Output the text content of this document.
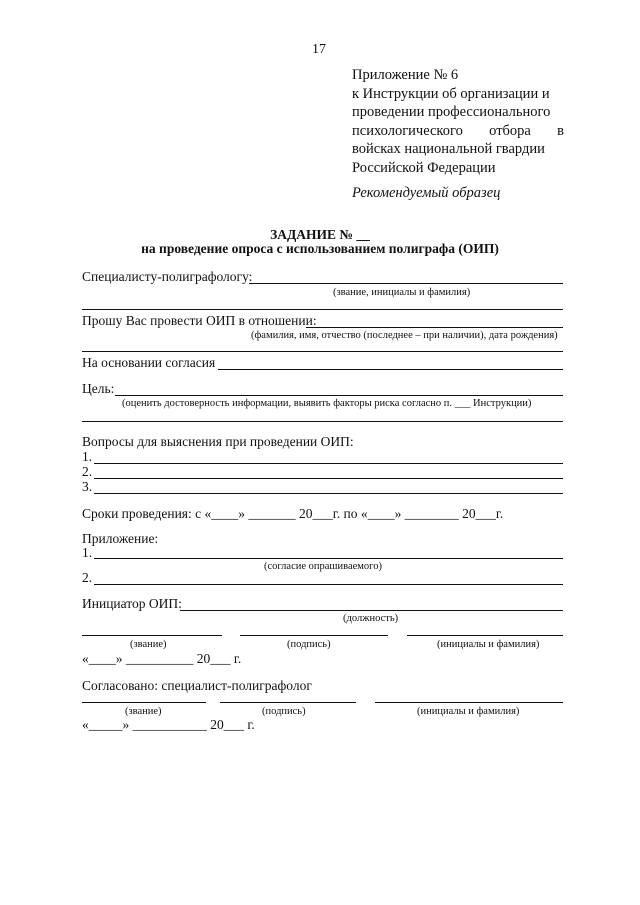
17
Приложение № 6
к Инструкции об организации и
проведении профессионального
психологического отбора в
войсках национальной гвардии
Российской Федерации
Рекомендуемый образец
ЗАДАНИЕ № __
на проведение опроса с использованием полиграфа (ОИП)
Специалисту-полиграфологу:
(звание, инициалы и фамилия)
Прошу Вас провести ОИП в отношении:
(фамилия, имя, отчество (последнее – при наличии), дата рождения)
На основании согласия
Цель:
(оценить достоверность информации, выявить факторы риска согласно п. ___ Инструкции)
Вопросы для выяснения при проведении ОИП:
1.
2.
3.
Сроки проведения: с «____» _______ 20___г. по «____» ________ 20___г.
Приложение:
1.
(согласие опрашиваемого)
2.
Инициатор ОИП:
(должность)
(звание)	(подпись)	(инициалы и фамилия)
«____» __________ 20___ г.
Согласовано: специалист-полиграфолог
(звание)	(подпись)	(инициалы и фамилия)
«_____» ___________ 20___ г.
